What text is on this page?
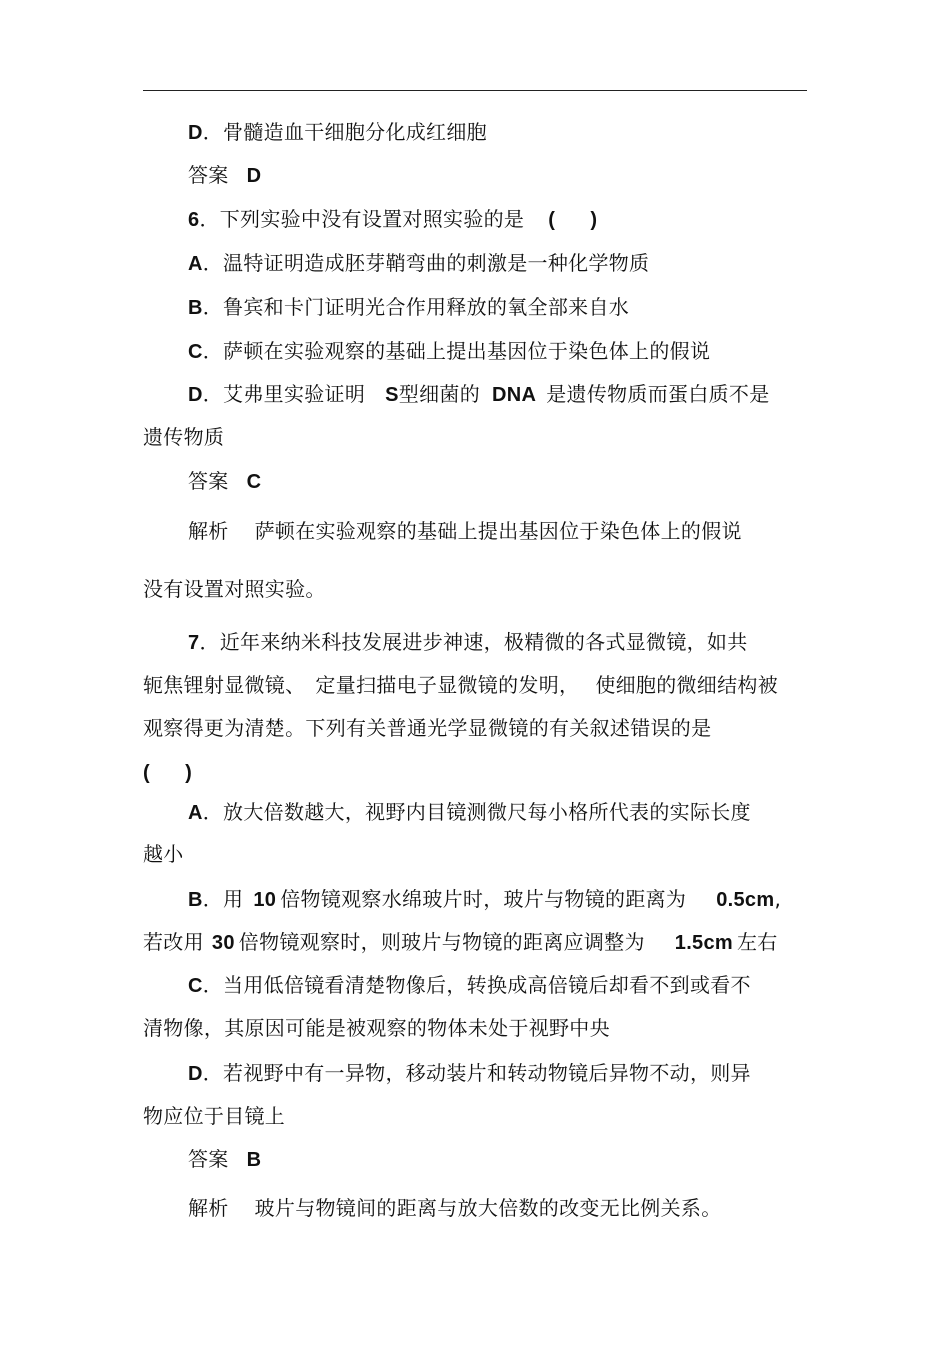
D．骨髓造血干细胞分化成红细胞
答案 D
6．下列实验中没有设置对照实验的是 (      )
A．温特证明造成胚芽鞘弯曲的刺激是一种化学物质
B．鲁宾和卡门证明光合作用释放的氧全部来自水
C．萨顿在实验观察的基础上提出基因位于染色体上的假说
D．艾弗里实验证明 S型细菌的 DNA 是遗传物质而蛋白质不是
遗传物质
答案 C
解析 萨顿在实验观察的基础上提出基因位于染色体上的假说
没有设置对照实验。
7．近年来纳米科技发展进步神速，极精微的各式显微镜，如共
轭焦锂射显微镜、 定量扫描电子显微镜的发明， 使细胞的微细结构被
观察得更为清楚。下列有关普通光学显微镜的有关叙述错误的是
(      )
A．放大倍数越大，视野内目镜测微尺每小格所代表的实际长度
越小
B．用 10 倍物镜观察水绵玻片时，玻片与物镜的距离为 0.5cm,
若改用 30 倍物镜观察时，则玻片与物镜的距离应调整为 1.5cm 左右
C．当用低倍镜看清楚物像后，转换成高倍镜后却看不到或看不
清物像，其原因可能是被观察的物体未处于视野中央
D．若视野中有一异物，移动装片和转动物镜后异物不动，则异
物应位于目镜上
答案 B
解析 玻片与物镜间的距离与放大倍数的改变无比例关系。
